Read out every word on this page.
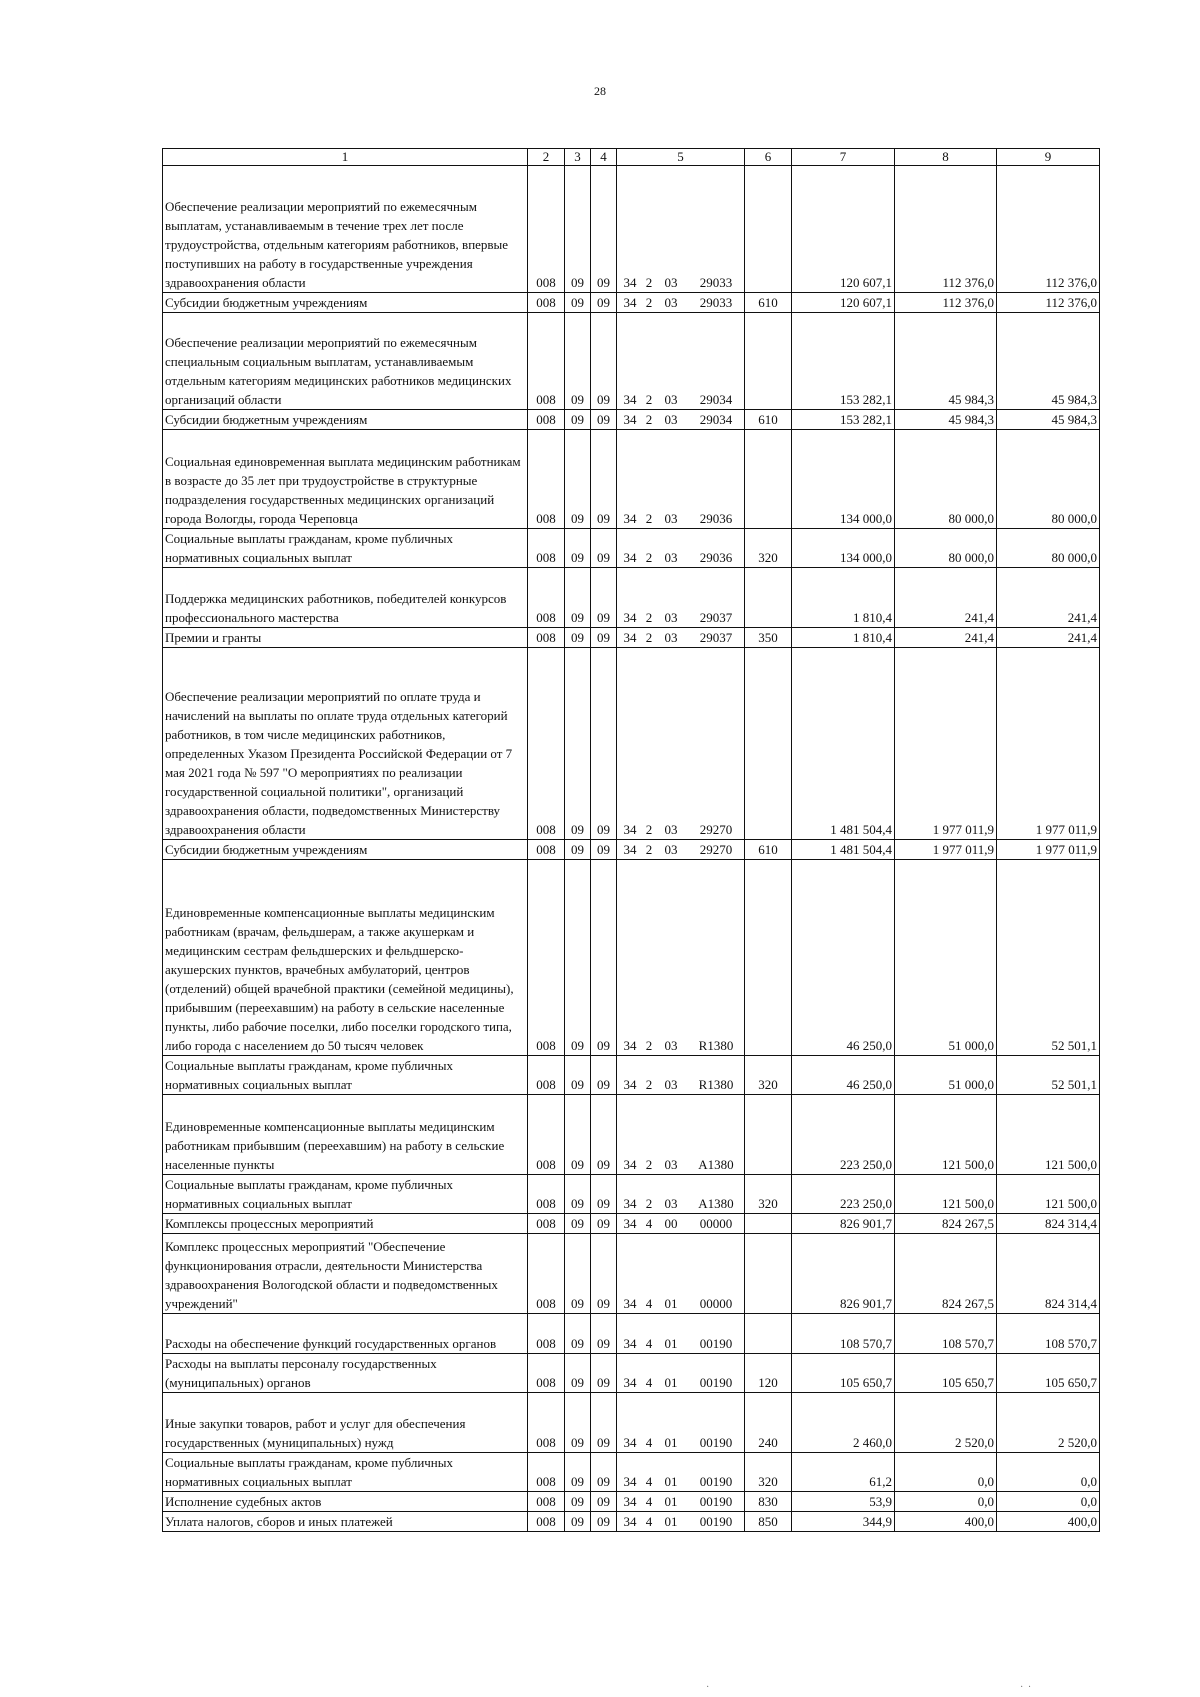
28
1	2	3	4	5	6	7	8	9
Обеспечение реализации мероприятий по ежемесячным выплатам, устанавливаемым в течение трех лет после трудоустройства, отдельным категориям работников, впервые поступивших на работу в государственные учреждения здравоохранения области	008	09	09	34 2 03 29033		120 607,1	112 376,0	112 376,0
Субсидии бюджетным учреждениям	008	09	09	34 2 03 29033	610	120 607,1	112 376,0	112 376,0
Обеспечение реализации мероприятий по ежемесячным специальным социальным выплатам, устанавливаемым отдельным категориям медицинских работников медицинских организаций области	008	09	09	34 2 03 29034		153 282,1	45 984,3	45 984,3
Субсидии бюджетным учреждениям	008	09	09	34 2 03 29034	610	153 282,1	45 984,3	45 984,3
Социальная единовременная выплата медицинским работникам в возрасте до 35 лет при трудоустройстве в структурные подразделения государственных медицинских организаций города Вологды, города Череповца	008	09	09	34 2 03 29036		134 000,0	80 000,0	80 000,0
Социальные выплаты гражданам, кроме публичных нормативных социальных выплат	008	09	09	34 2 03 29036	320	134 000,0	80 000,0	80 000,0
Поддержка медицинских работников, победителей конкурсов профессионального мастерства	008	09	09	34 2 03 29037		1 810,4	241,4	241,4
Премии и гранты	008	09	09	34 2 03 29037	350	1 810,4	241,4	241,4
Обеспечение реализации мероприятий по оплате труда и начислений на выплаты по оплате труда отдельных категорий работников, в том числе медицинских работников, определенных Указом Президента Российской Федерации от 7 мая 2021 года № 597 "О мероприятиях по реализации государственной социальной политики", организаций здравоохранения области, подведомственных Министерству здравоохранения области	008	09	09	34 2 03 29270		1 481 504,4	1 977 011,9	1 977 011,9
Субсидии бюджетным учреждениям	008	09	09	34 2 03 29270	610	1 481 504,4	1 977 011,9	1 977 011,9
Единовременные компенсационные выплаты медицинским работникам (врачам, фельдшерам, а также акушеркам и медицинским сестрам фельдшерских и фельдшерско-акушерских пунктов, врачебных амбулаторий, центров (отделений) общей врачебной практики (семейной медицины), прибывшим (переехавшим) на работу в сельские населенные пункты, либо рабочие поселки, либо поселки городского типа, либо города с населением до 50 тысяч человек	008	09	09	34 2 03 R1380		46 250,0	51 000,0	52 501,1
Социальные выплаты гражданам, кроме публичных нормативных социальных выплат	008	09	09	34 2 03 R1380	320	46 250,0	51 000,0	52 501,1
Единовременные компенсационные выплаты медицинским работникам прибывшим (переехавшим) на работу в сельские населенные пункты	008	09	09	34 2 03 A1380		223 250,0	121 500,0	121 500,0
Социальные выплаты гражданам, кроме публичных нормативных социальных выплат	008	09	09	34 2 03 A1380	320	223 250,0	121 500,0	121 500,0
Комплексы процессных мероприятий	008	09	09	34 4 00 00000		826 901,7	824 267,5	824 314,4
Комплекс процессных мероприятий "Обеспечение функционирования отрасли, деятельности Министерства здравоохранения Вологодской области и подведомственных учреждений"	008	09	09	34 4 01 00000		826 901,7	824 267,5	824 314,4
Расходы на обеспечение функций государственных органов	008	09	09	34 4 01 00190		108 570,7	108 570,7	108 570,7
Расходы на выплаты персоналу государственных (муниципальных) органов	008	09	09	34 4 01 00190	120	105 650,7	105 650,7	105 650,7
Иные закупки товаров, работ и услуг для обеспечения государственных (муниципальных) нужд	008	09	09	34 4 01 00190	240	2 460,0	2 520,0	2 520,0
Социальные выплаты гражданам, кроме публичных нормативных социальных выплат	008	09	09	34 4 01 00190	320	61,2	0,0	0,0
Исполнение судебных актов	008	09	09	34 4 01 00190	830	53,9	0,0	0,0
Уплата налогов, сборов и иных платежей	008	09	09	34 4 01 00190	850	344,9	400,0	400,0
·	· ·
